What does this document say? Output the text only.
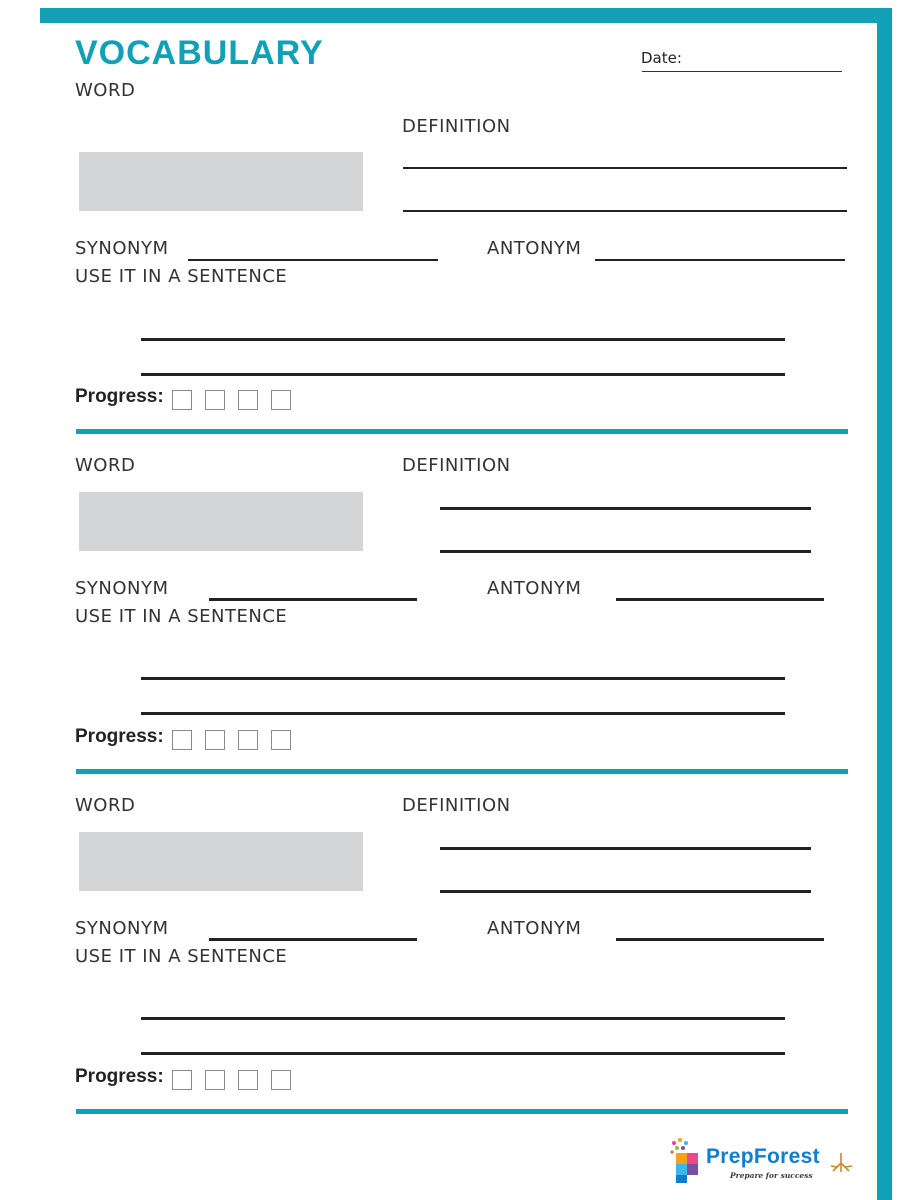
VOCABULARY	Date:
WORD
DEFINITION
SYNONYM	ANTONYM
USE IT IN A SENTENCE
Progress:
WORD	DEFINITION
SYNONYM	ANTONYM
USE IT IN A SENTENCE
Progress:
WORD	DEFINITION
SYNONYM	ANTONYM
USE IT IN A SENTENCE
Progress:
PrepForest
Prepare for success
